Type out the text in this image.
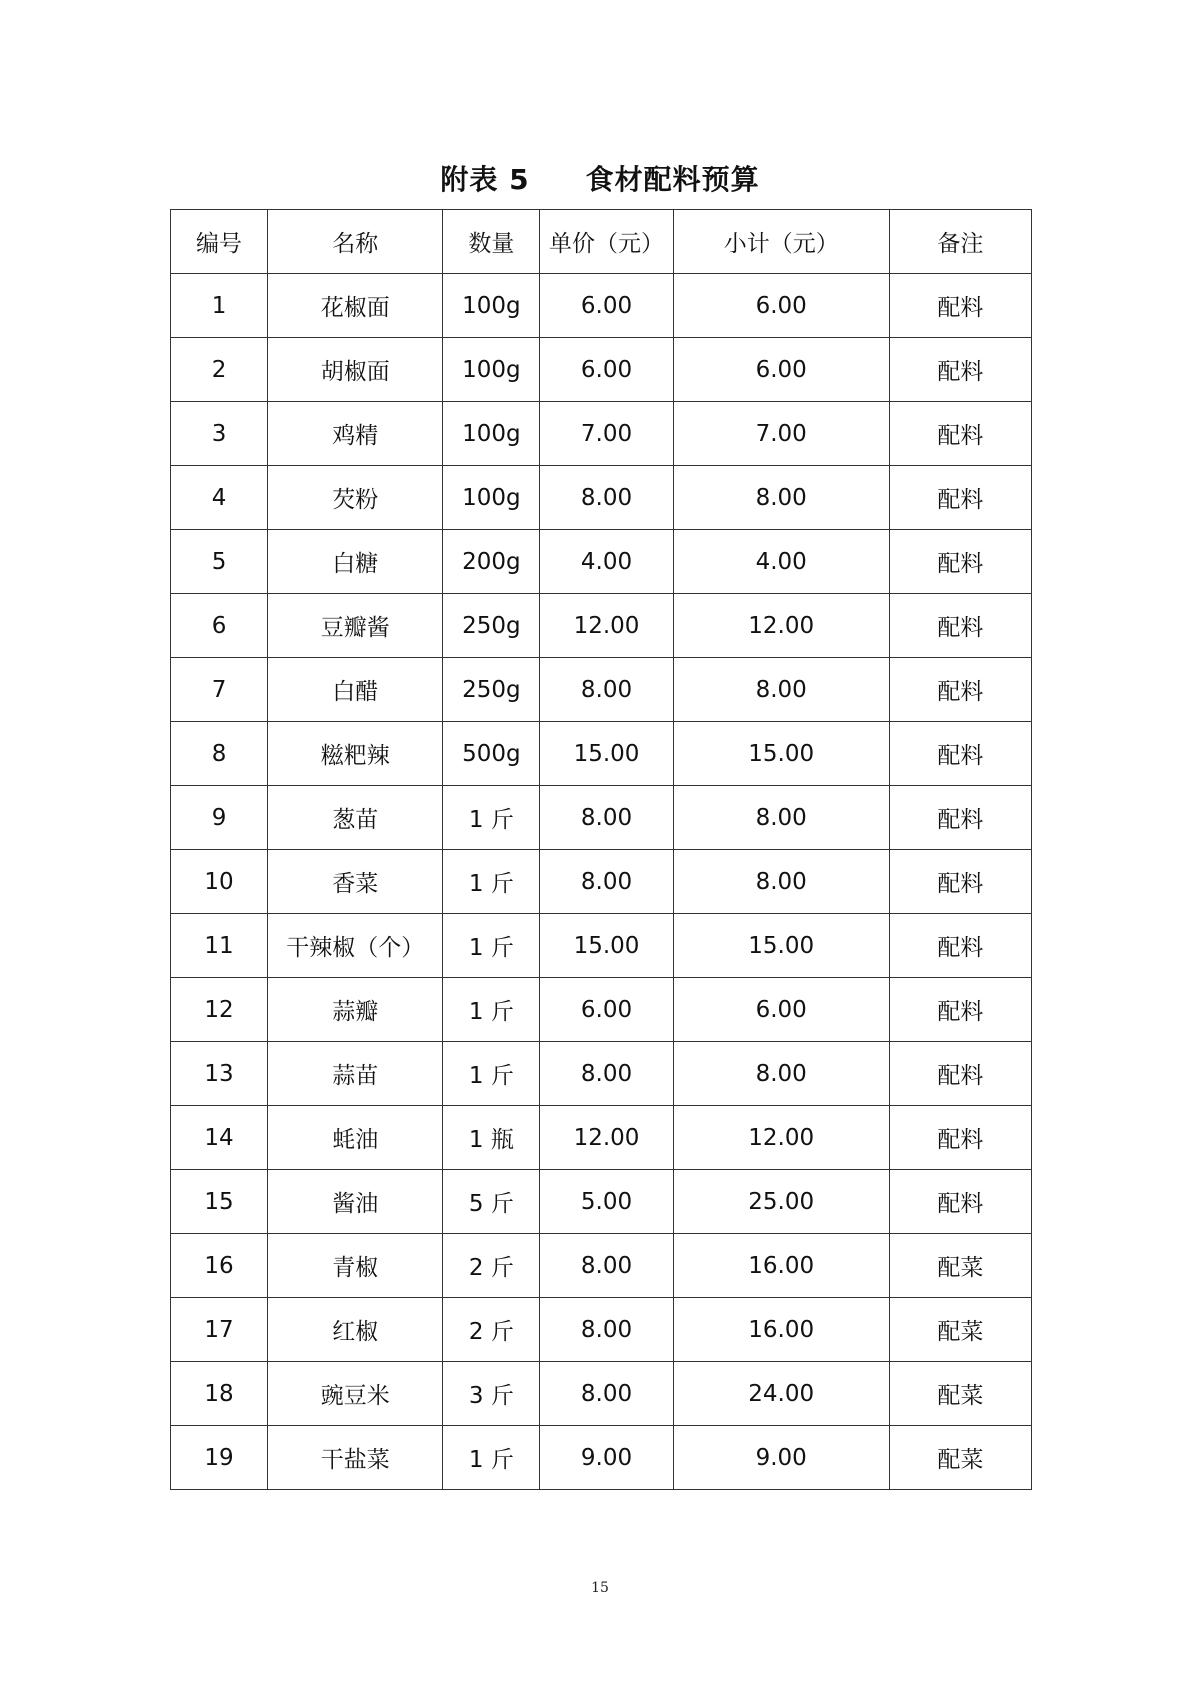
附表 5 食材配料预算
编号	名称	数量	单价（元）	小计（元）	备注
1	花椒面	100g	6.00	6.00	配料
2	胡椒面	100g	6.00	6.00	配料
3	鸡精	100g	7.00	7.00	配料
4	芡粉	100g	8.00	8.00	配料
5	白糖	200g	4.00	4.00	配料
6	豆瓣酱	250g	12.00	12.00	配料
7	白醋	250g	8.00	8.00	配料
8	糍粑辣	500g	15.00	15.00	配料
9	葱苗	1 斤	8.00	8.00	配料
10	香菜	1 斤	8.00	8.00	配料
11	干辣椒（个）	1 斤	15.00	15.00	配料
12	蒜瓣	1 斤	6.00	6.00	配料
13	蒜苗	1 斤	8.00	8.00	配料
14	蚝油	1 瓶	12.00	12.00	配料
15	酱油	5 斤	5.00	25.00	配料
16	青椒	2 斤	8.00	16.00	配菜
17	红椒	2 斤	8.00	16.00	配菜
18	豌豆米	3 斤	8.00	24.00	配菜
19	干盐菜	1 斤	9.00	9.00	配菜
15
